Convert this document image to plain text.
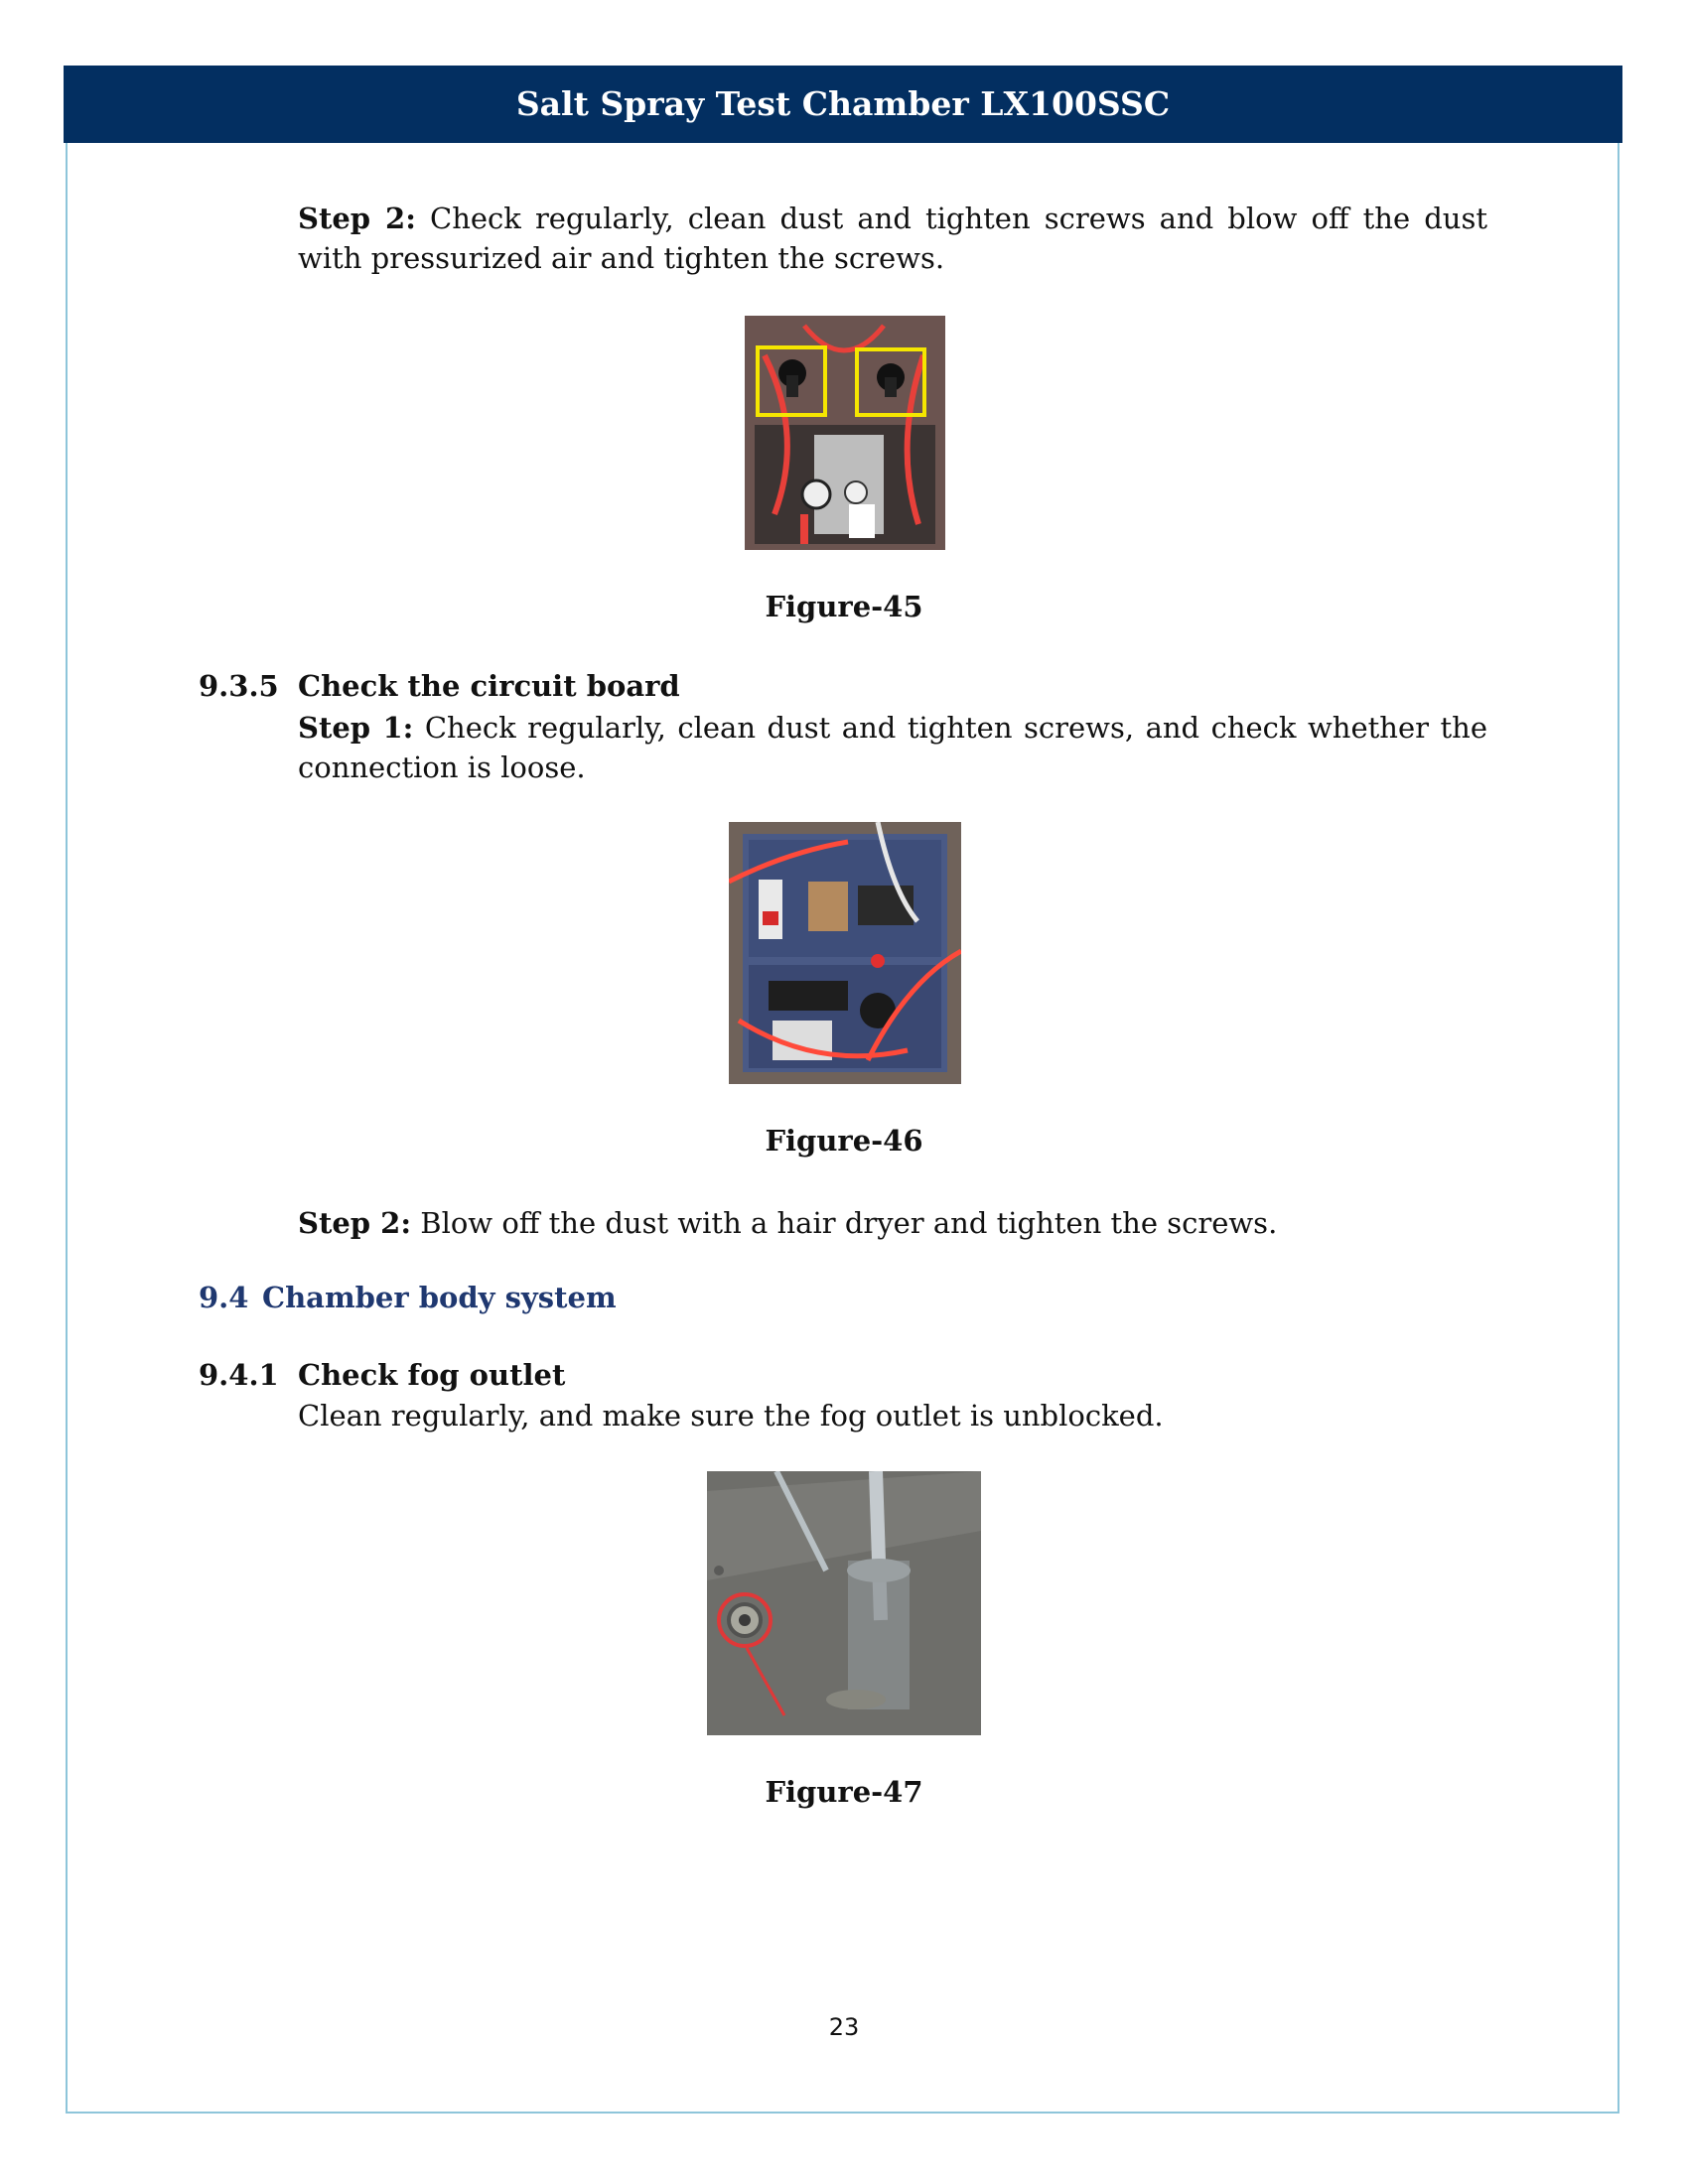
Salt Spray Test Chamber LX100SSC
Step 2: Check regularly, clean dust and tighten screws and blow off the dust with pressurized air and tighten the screws.
Figure-45
9.3.5 Check the circuit board
Step 1: Check regularly, clean dust and tighten screws, and check whether the connection is loose.
Figure-46
Step 2: Blow off the dust with a hair dryer and tighten the screws.
9.4 Chamber body system
9.4.1 Check fog outlet
Clean regularly, and make sure the fog outlet is unblocked.
Figure-47
23
